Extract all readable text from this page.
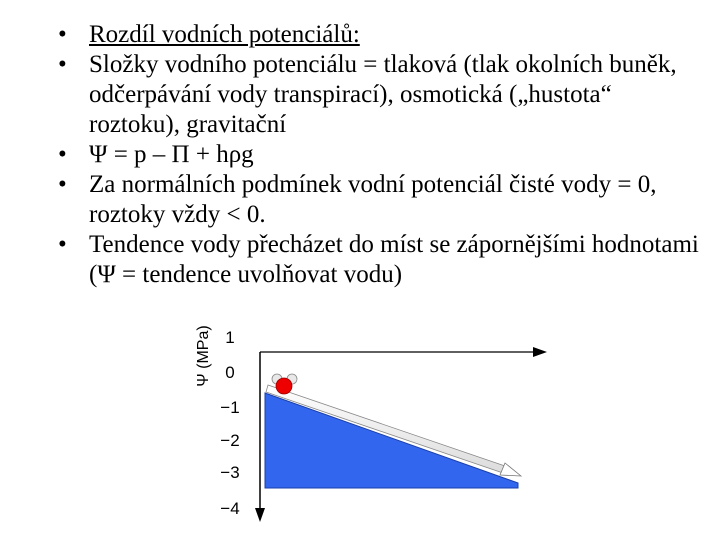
• Rozdíl vodních potenciálů:
• Složky vodního potenciálu = tlaková (tlak okolních buněk, odčerpávání vody transpirací), osmotická („hustota“ roztoku), gravitační
• Ψ = p – Π + hρg
• Za normálních podmínek vodní potenciál čisté vody = 0, roztoky vždy < 0.
• Tendence vody přecházet do míst se zápornějšími hodnotami (Ψ = tendence uvolňovat vodu)
Ψ (MPa) 1
0
−1
−2
−3
−4
